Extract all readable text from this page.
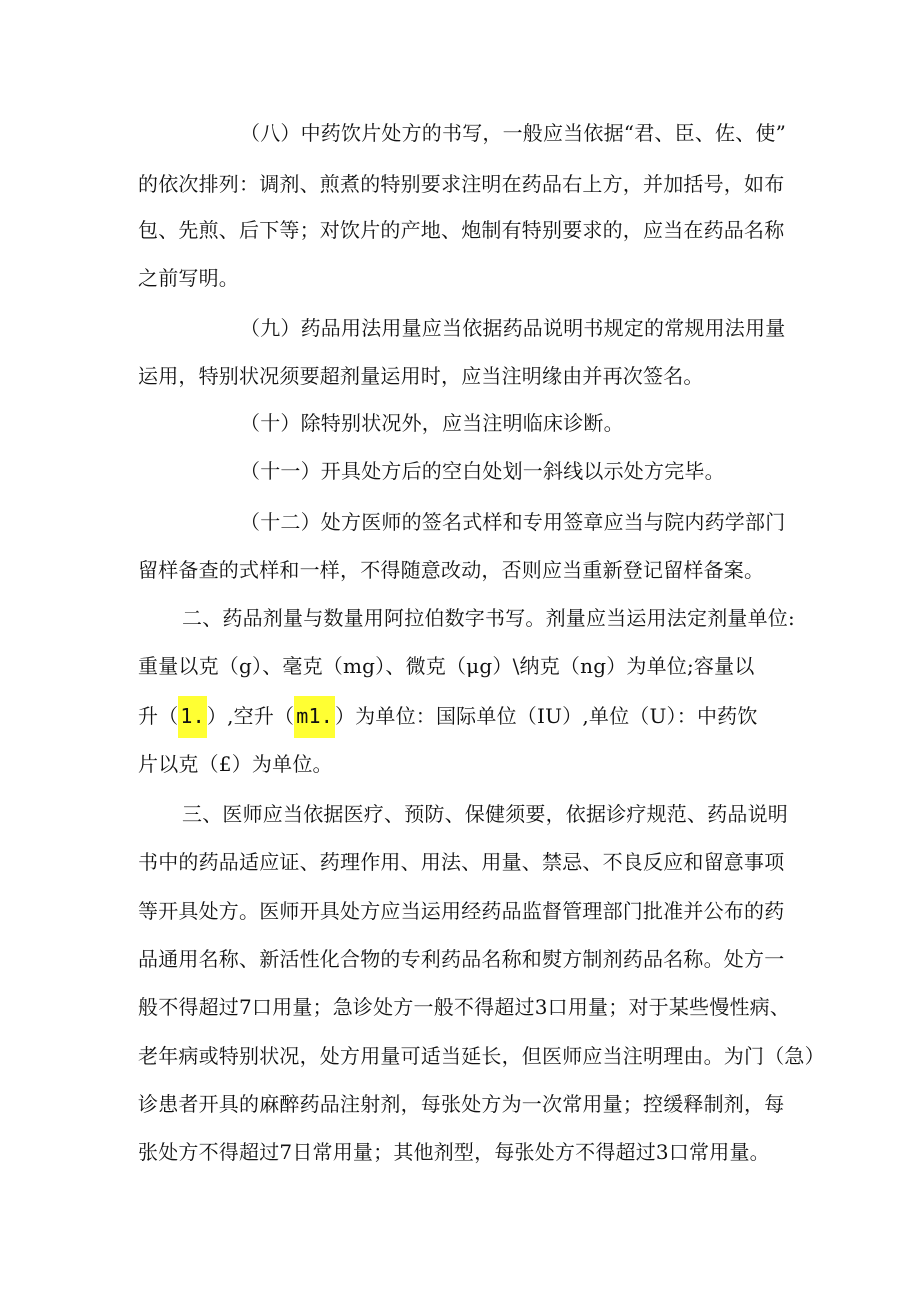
（八）中药饮片处方的书写，一般应当依据“君、臣、佐、使”
的依次排列：调剂、煎煮的特别要求注明在药品右上方，并加括号，如布
包、先煎、后下等；对饮片的产地、炮制有特别要求的，应当在药品名称
之前写明。
（九）药品用法用量应当依据药品说明书规定的常规用法用量
运用，特别状况须要超剂量运用时，应当注明缘由并再次签名。
（十）除特别状况外，应当注明临床诊断。
（十一）开具处方后的空白处划一斜线以示处方完毕。
（十二）处方医师的签名式样和专用签章应当与院内药学部门
留样备查的式样和一样，不得随意改动，否则应当重新登记留样备案。
二、药品剂量与数量用阿拉伯数字书写。剂量应当运用法定剂量单位:
重量以克（g）、毫克（mg）、微克（μg）\纳克（ng）为单位;容量以
升（ 1. ）,空升（ m1. ）为单位：国际单位（IU）,单位（U）：中药饮
片以克（£）为单位。
三、医师应当依据医疗、预防、保健须要，依据诊疗规范、药品说明
书中的药品适应证、药理作用、用法、用量、禁忌、不良反应和留意事项
等开具处方。医师开具处方应当运用经药品监督管理部门批准并公布的药
品通用名称、新活性化合物的专利药品名称和熨方制剂药品名称。处方一
般不得超过7口用量；急诊处方一般不得超过3口用量；对于某些慢性病、
老年病或特别状况，处方用量可适当延长，但医师应当注明理由。为门（急）
诊患者开具的麻醉药品注射剂，每张处方为一次常用量；控缓释制剂，每
张处方不得超过7日常用量；其他剂型，每张处方不得超过3口常用量。
